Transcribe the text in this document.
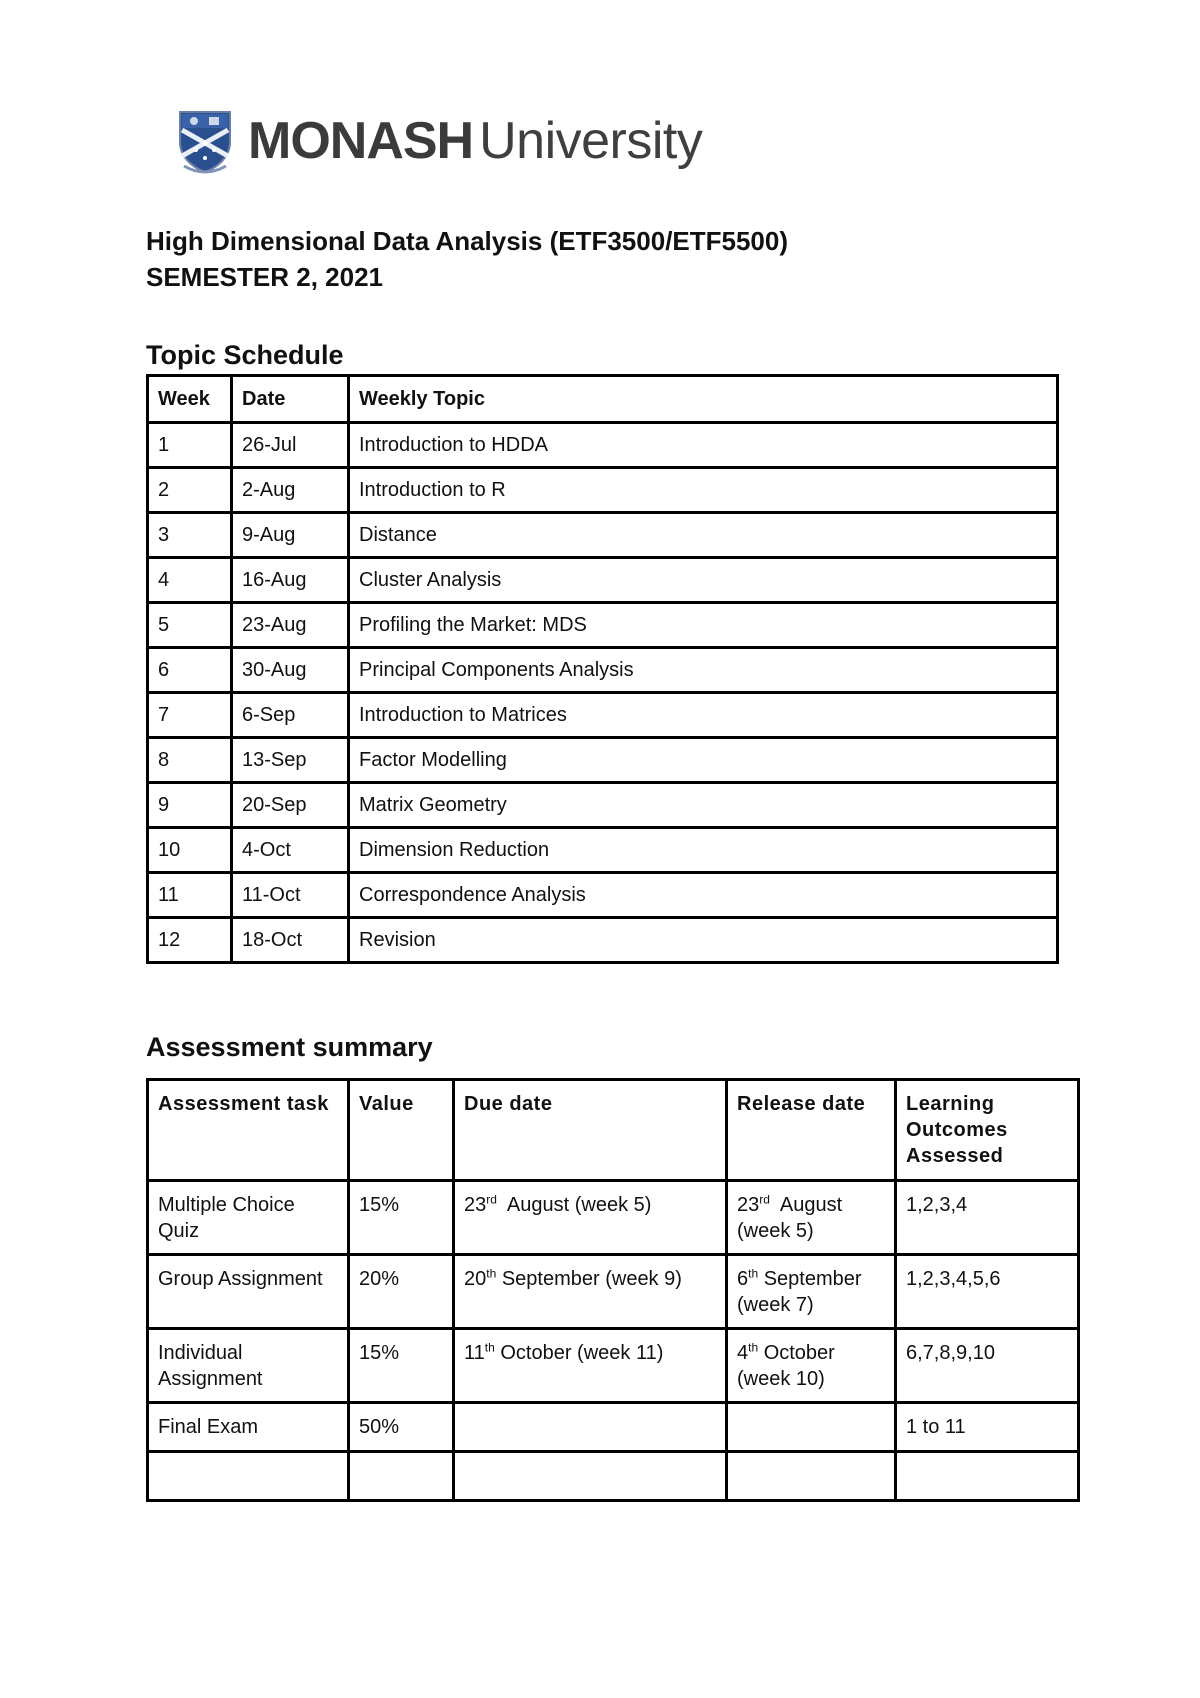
MONASH University
High Dimensional Data Analysis (ETF3500/ETF5500)
SEMESTER 2, 2021
Topic Schedule
Week	Date	Weekly Topic
1	26-Jul	Introduction to HDDA
2	2-Aug	Introduction to R
3	9-Aug	Distance
4	16-Aug	Cluster Analysis
5	23-Aug	Profiling the Market: MDS
6	30-Aug	Principal Components Analysis
7	6-Sep	Introduction to Matrices
8	13-Sep	Factor Modelling
9	20-Sep	Matrix Geometry
10	4-Oct	Dimension Reduction
11	11-Oct	Correspondence Analysis
12	18-Oct	Revision
Assessment summary
Assessment task	Value	Due date	Release date	Learning Outcomes Assessed
Multiple Choice Quiz	15%	23rd  August (week 5)	23rd  August (week 5)	1,2,3,4
Group Assignment	20%	20th September (week 9)	6th September (week 7)	1,2,3,4,5,6
Individual Assignment	15%	11th October (week 11)	4th October (week 10)	6,7,8,9,10
Final Exam	50%			1 to 11
